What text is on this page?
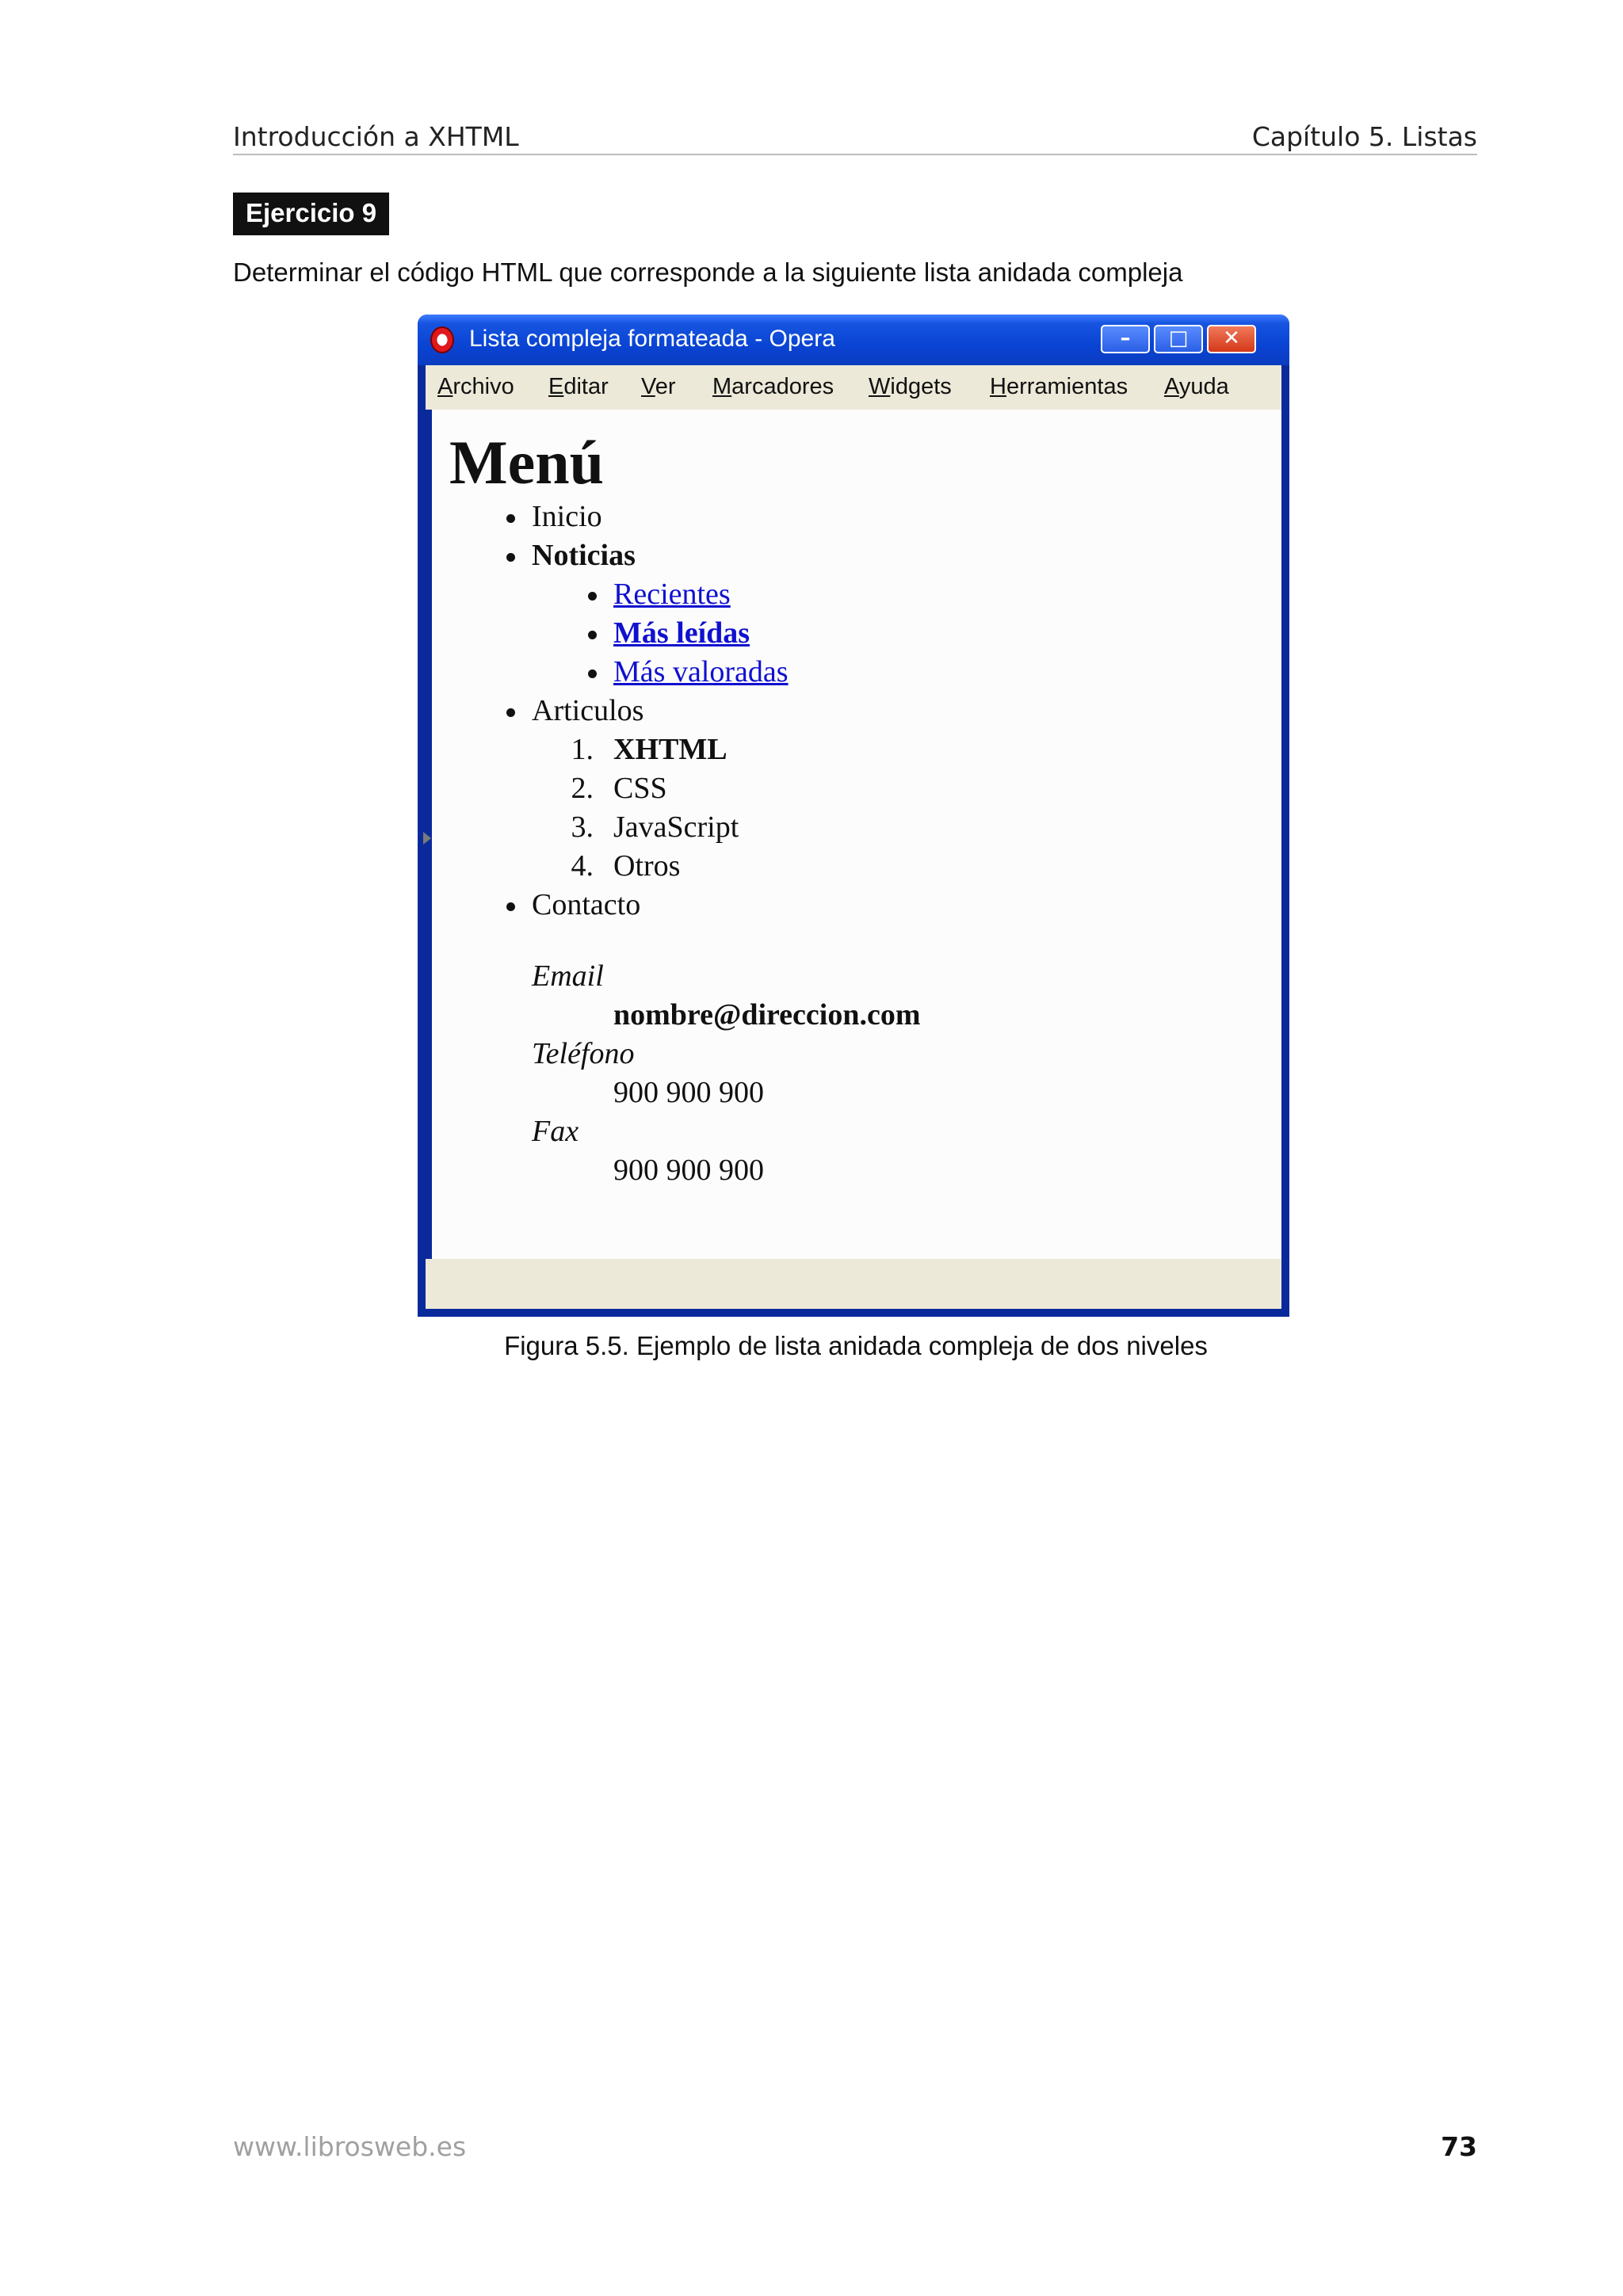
Introducción a XHTML	Capítulo 5. Listas
Ejercicio 9
Determinar el código HTML que corresponde a la siguiente lista anidada compleja
Lista compleja formateada - Opera	–	□	✕
Archivo Editar Ver Marcadores Widgets Herramientas Ayuda
Menú
Inicio
Noticias
Recientes
Más leídas
Más valoradas
Articulos
1. XHTML
2. CSS
3. JavaScript
4. Otros
Contacto
Email
nombre@direccion.com
Teléfono
900 900 900
Fax
900 900 900
Figura 5.5. Ejemplo de lista anidada compleja de dos niveles
www.librosweb.es	73
